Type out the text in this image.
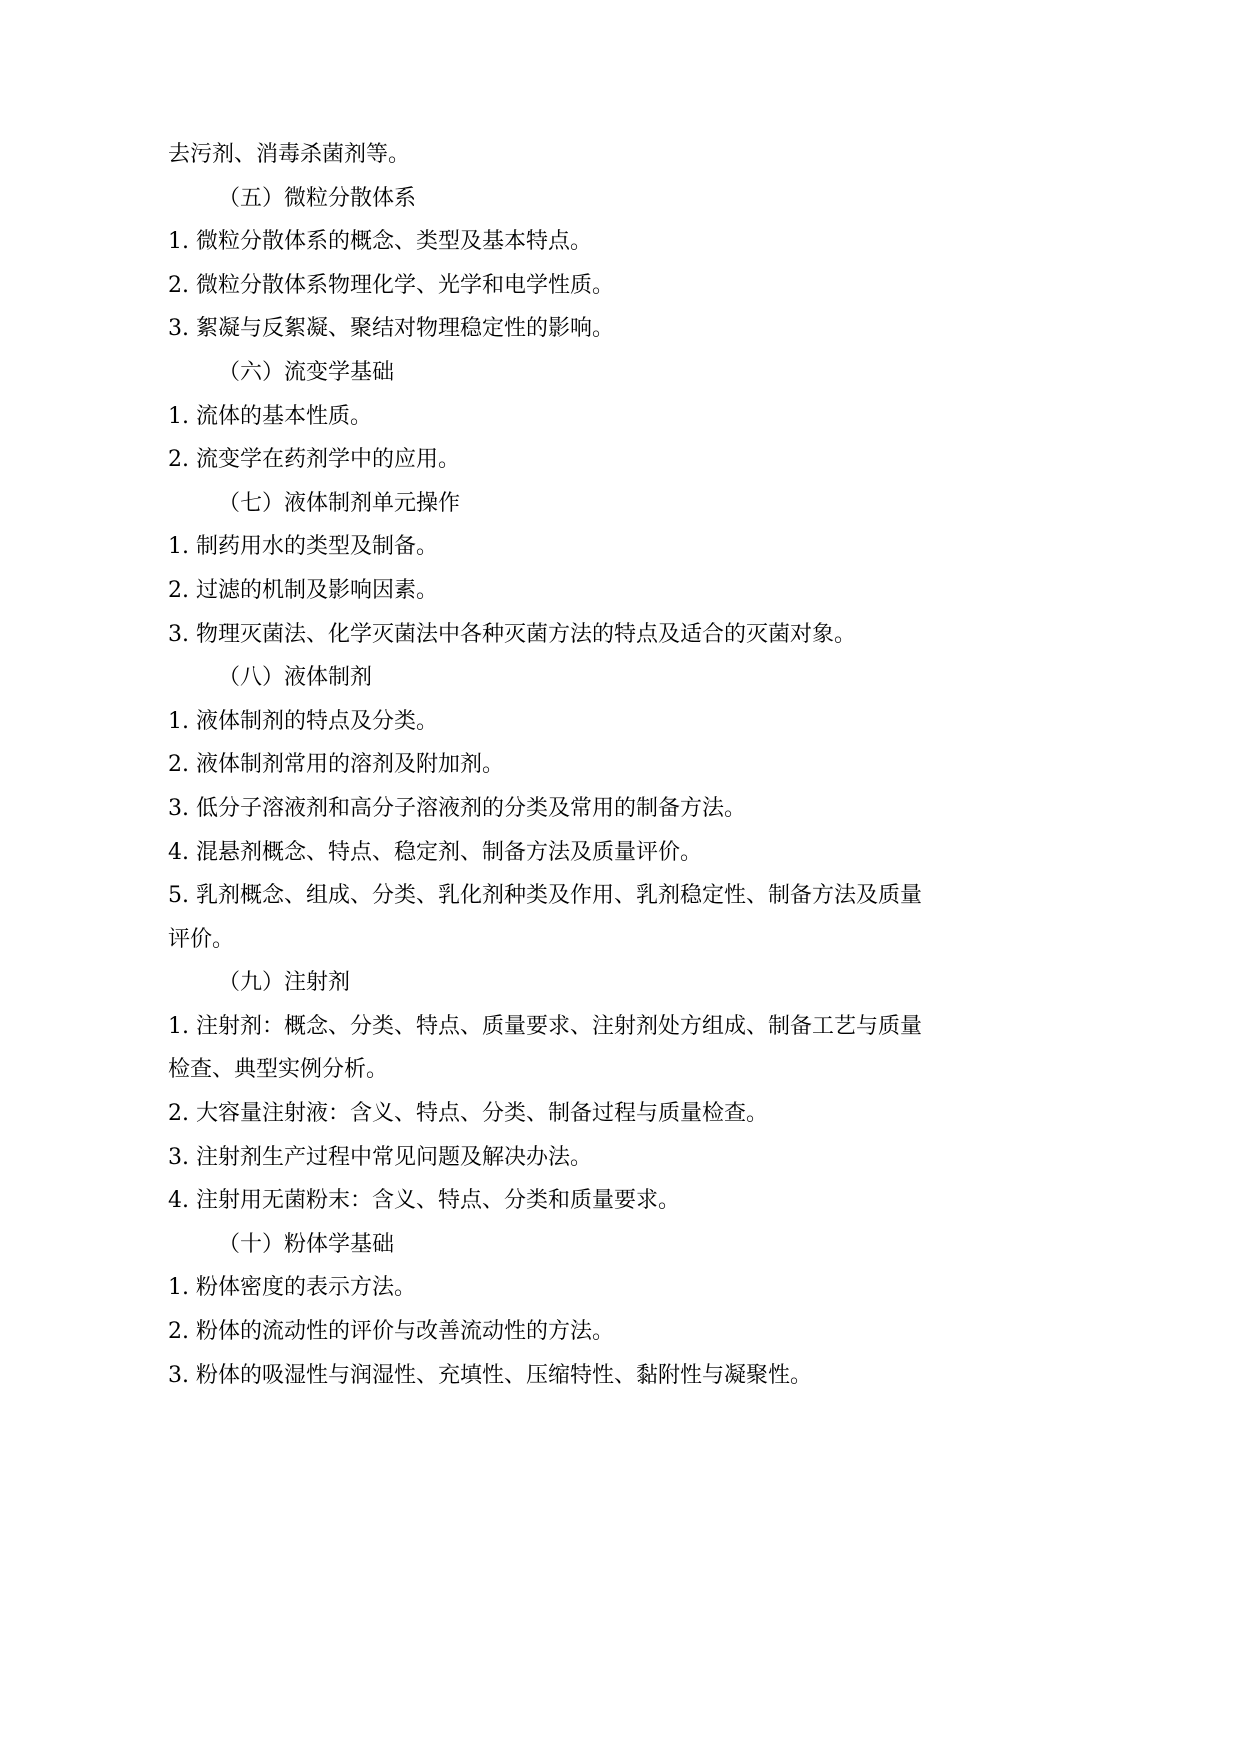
去污剂、消毒杀菌剂等。
（五）微粒分散体系
1. 微粒分散体系的概念、类型及基本特点。
2. 微粒分散体系物理化学、光学和电学性质。
3. 絮凝与反絮凝、聚结对物理稳定性的影响。
（六）流变学基础
1. 流体的基本性质。
2. 流变学在药剂学中的应用。
（七）液体制剂单元操作
1. 制药用水的类型及制备。
2. 过滤的机制及影响因素。
3. 物理灭菌法、化学灭菌法中各种灭菌方法的特点及适合的灭菌对象。
（八）液体制剂
1. 液体制剂的特点及分类。
2. 液体制剂常用的溶剂及附加剂。
3. 低分子溶液剂和高分子溶液剂的分类及常用的制备方法。
4. 混悬剂概念、特点、稳定剂、制备方法及质量评价。
5. 乳剂概念、组成、分类、乳化剂种类及作用、乳剂稳定性、制备方法及质量
评价。
（九）注射剂
1. 注射剂：概念、分类、特点、质量要求、注射剂处方组成、制备工艺与质量
检查、典型实例分析。
2. 大容量注射液：含义、特点、分类、制备过程与质量检查。
3. 注射剂生产过程中常见问题及解决办法。
4. 注射用无菌粉末：含义、特点、分类和质量要求。
（十）粉体学基础
1. 粉体密度的表示方法。
2. 粉体的流动性的评价与改善流动性的方法。
3. 粉体的吸湿性与润湿性、充填性、压缩特性、黏附性与凝聚性。
